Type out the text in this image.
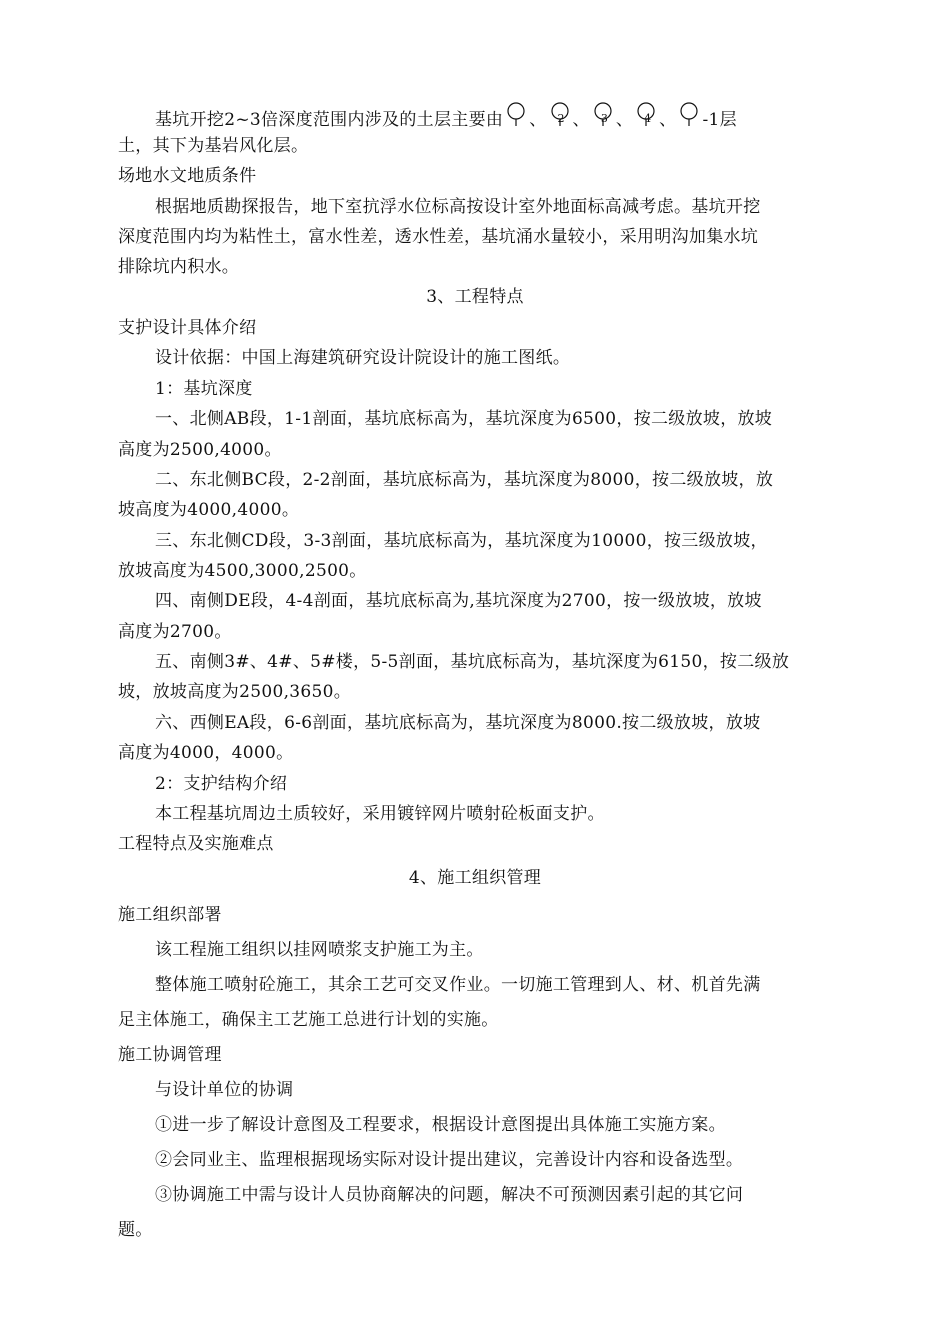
基坑开挖2~3倍深度范围内涉及的土层主要由 、 2 、 3 、 4 、 -1层
土，其下为基岩风化层。
场地水文地质条件
根据地质勘探报告，地下室抗浮水位标高按设计室外地面标高减考虑。基坑开挖
深度范围内均为粘性土，富水性差，透水性差，基坑涌水量较小，采用明沟加集水坑
排除坑内积水。
3、工程特点
支护设计具体介绍
设计依据：中国上海建筑研究设计院设计的施工图纸。
1：基坑深度
一、北侧AB段，1-1剖面，基坑底标高为，基坑深度为6500，按二级放坡，放坡
高度为2500,4000。
二、东北侧BC段，2-2剖面，基坑底标高为，基坑深度为8000，按二级放坡，放
坡高度为4000,4000。
三、东北侧CD段，3-3剖面，基坑底标高为，基坑深度为10000，按三级放坡，
放坡高度为4500,3000,2500。
四、南侧DE段，4-4剖面，基坑底标高为,基坑深度为2700，按一级放坡，放坡
高度为2700。
五、南侧3#、4#、5#楼，5-5剖面，基坑底标高为，基坑深度为6150，按二级放
坡，放坡高度为2500,3650。
六、西侧EA段，6-6剖面，基坑底标高为，基坑深度为8000.按二级放坡，放坡
高度为4000，4000。
2：支护结构介绍
本工程基坑周边土质较好，采用镀锌网片喷射砼板面支护。
工程特点及实施难点
4、施工组织管理
施工组织部署
该工程施工组织以挂网喷浆支护施工为主。
整体施工喷射砼施工，其余工艺可交叉作业。一切施工管理到人、材、机首先满
足主体施工，确保主工艺施工总进行计划的实施。
施工协调管理
与设计单位的协调
①进一步了解设计意图及工程要求，根据设计意图提出具体施工实施方案。
②会同业主、监理根据现场实际对设计提出建议，完善设计内容和设备选型。
③协调施工中需与设计人员协商解决的问题，解决不可预测因素引起的其它问
题。
